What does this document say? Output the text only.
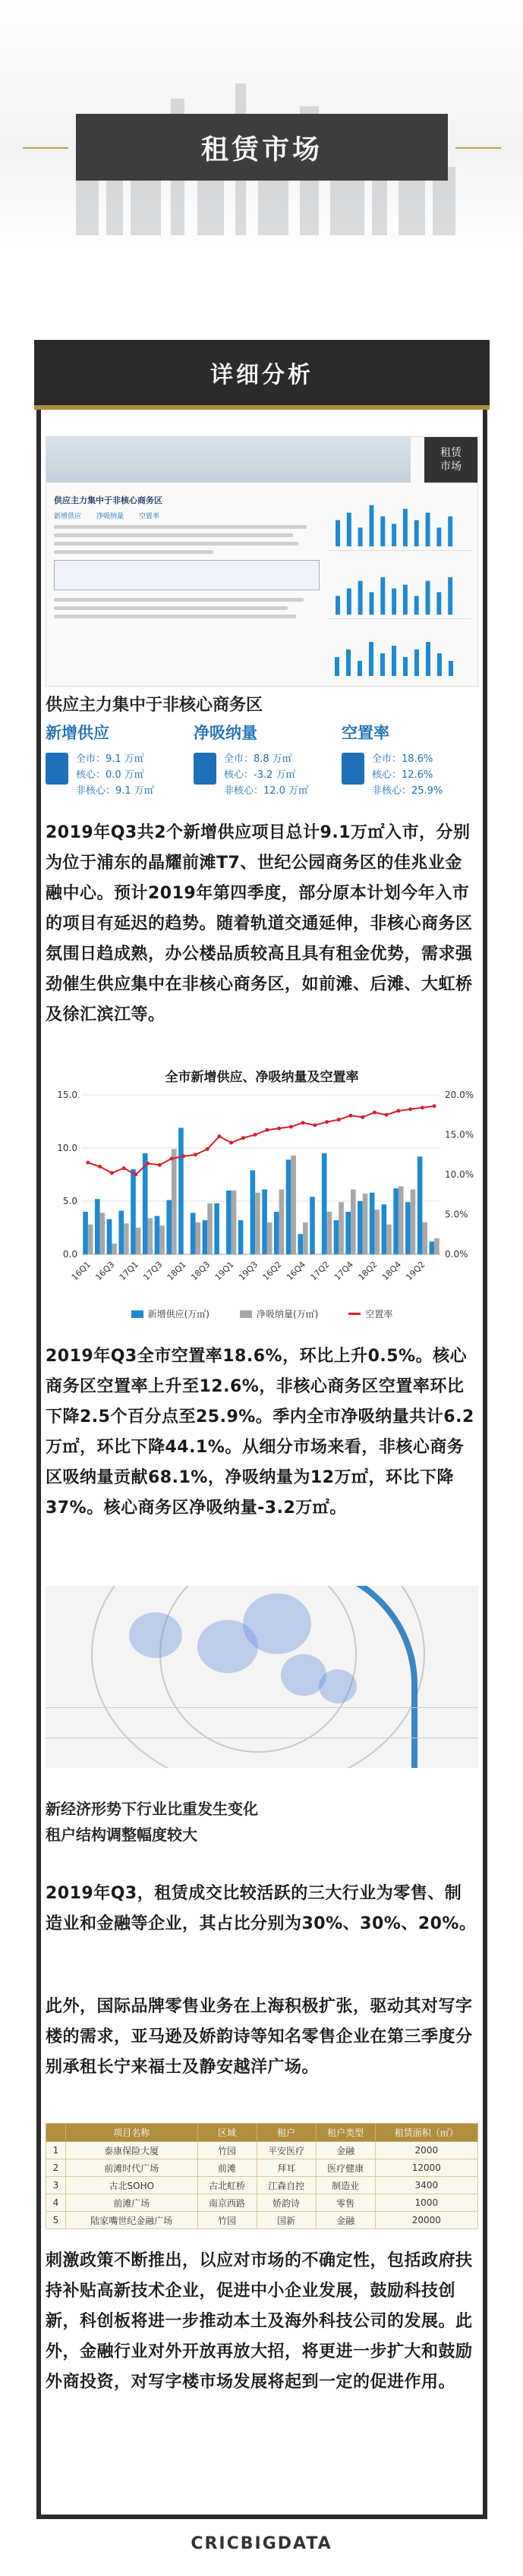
租赁市场
详细分析
租赁
市场
供应主力集中于非核心商务区
新增供应 净吸纳量 空置率
供应主力集中于非核心商务区
新增供应
全市：9.1 万㎡
核心：0.0 万㎡
非核心：9.1 万㎡
净吸纳量
全市：8.8 万㎡
核心：-3.2 万㎡
非核心：12.0 万㎡
空置率
全市：18.6%
核心：12.6%
非核心：25.9%
2019年Q3共2个新增供应项目总计9.1万㎡入市，分别为位于浦东的晶耀前滩T7、世纪公园商务区的佳兆业金融中心。预计2019年第四季度，部分原本计划今年入市的项目有延迟的趋势。随着轨道交通延伸，非核心商务区氛围日趋成熟，办公楼品质较高且具有租金优势，需求强劲催生供应集中在非核心商务区，如前滩、后滩、大虹桥及徐汇滨江等。
全市新增供应、净吸纳量及空置率
0.0
5.0
10.0
15.0
0.0%
5.0%
10.0%
15.0%
20.0%
16Q1 16Q3 17Q1 17Q3 18Q1 18Q3 19Q1 19Q3 16Q2 16Q4 17Q2 17Q4 18Q2 18Q4 19Q2
新增供应(万㎡)	净吸纳量(万㎡)	空置率
2019年Q3全市空置率18.6%，环比上升0.5%。核心商务区空置率上升至12.6%，非核心商务区空置率环比下降2.5个百分点至25.9%。季内全市净吸纳量共计6.2万㎡，环比下降44.1%。从细分市场来看，非核心商务区吸纳量贡献68.1%，净吸纳量为12万㎡，环比下降37%。核心商务区净吸纳量-3.2万㎡。
新经济形势下行业比重发生变化
租户结构调整幅度较大
2019年Q3，租赁成交比较活跃的三大行业为零售、制造业和金融等企业，其占比分别为30%、30%、20%。
此外，国际品牌零售业务在上海积极扩张，驱动其对写字楼的需求，亚马逊及娇韵诗等知名零售企业在第三季度分别承租长宁来福士及静安越洋广场。
	项目名称	区域	租户	租户类型	租赁面积（㎡）
1	泰康保险大厦	竹园	平安医疗	金融	2000
2	前滩时代广场	前滩	拜耳	医疗健康	12000
3	古北SOHO	古北虹桥	江森自控	制造业	3400
4	前滩广场	南京西路	娇韵诗	零售	1000
5	陆家嘴世纪金融广场	竹园	国新	金融	20000
刺激政策不断推出，以应对市场的不确定性，包括政府扶持补贴高新技术企业，促进中小企业发展，鼓励科技创新，科创板将进一步推动本土及海外科技公司的发展。此外，金融行业对外开放再放大招，将更进一步扩大和鼓励外商投资，对写字楼市场发展将起到一定的促进作用。
CRICBIGDATA
